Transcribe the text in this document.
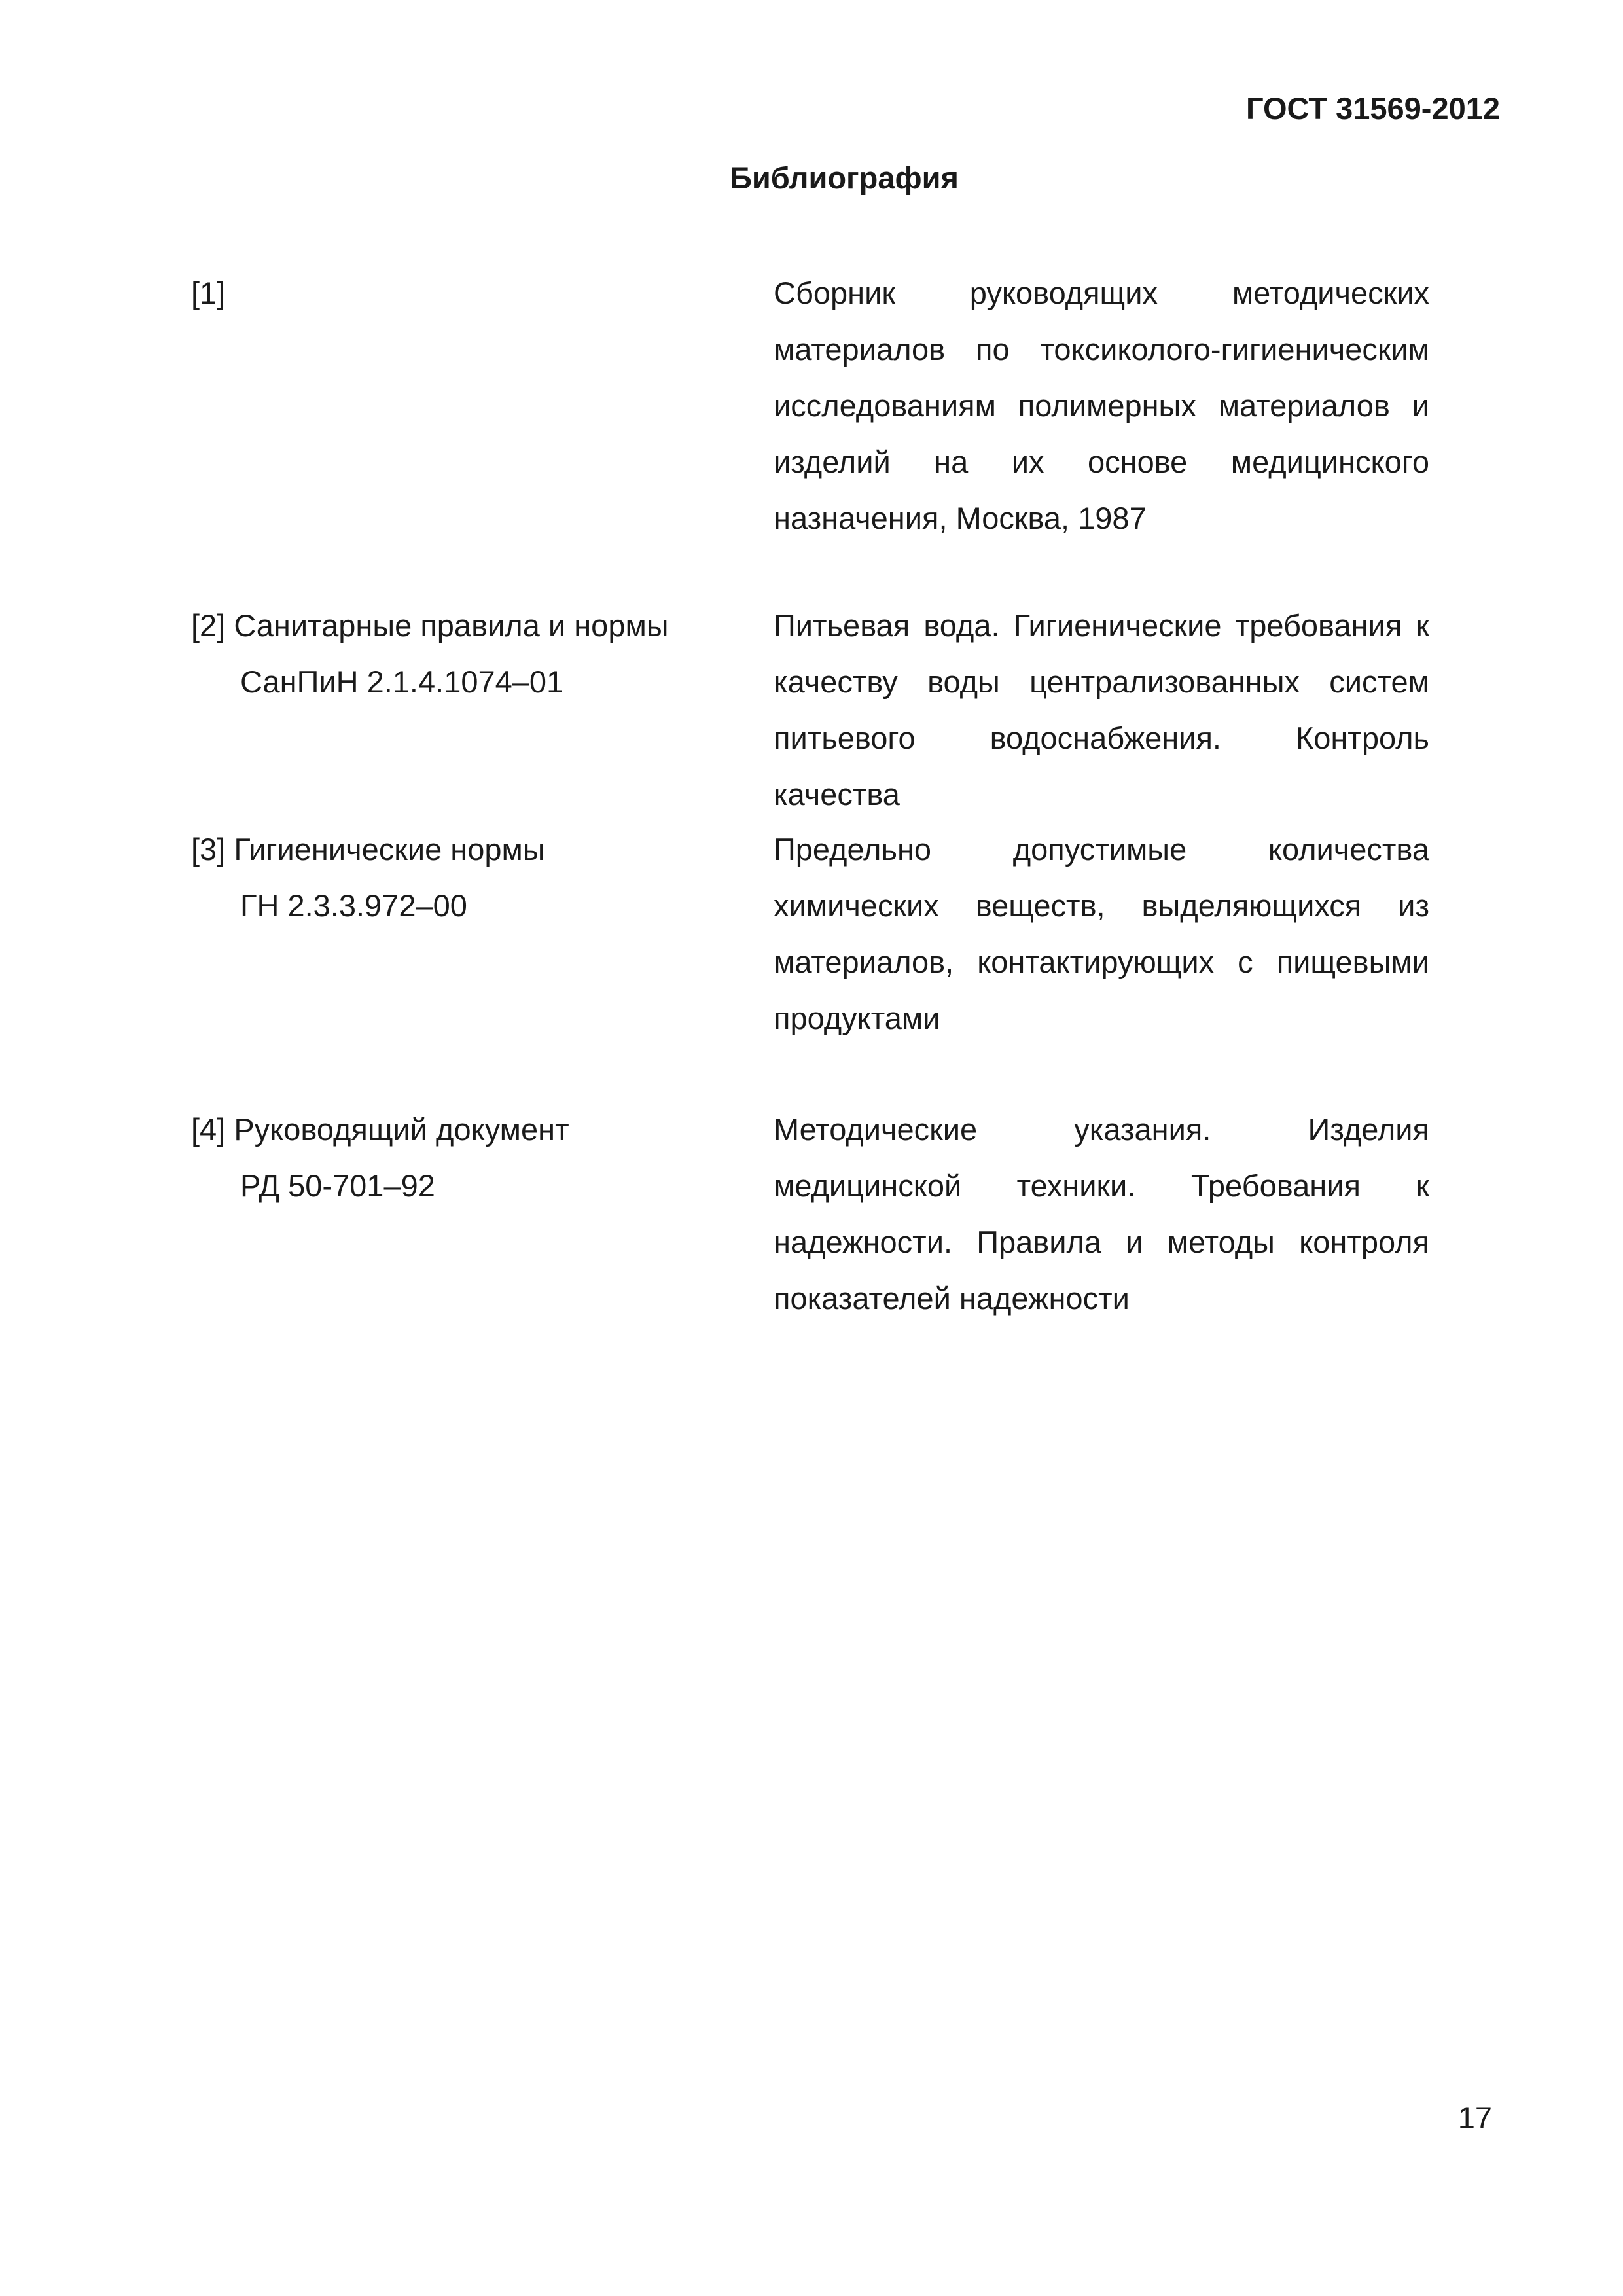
ГОСТ 31569-2012
Библиография
[1]	Сборник руководящих методических материалов по токсиколого-гигиеническим исследованиям полимерных материалов и изделий на их основе медицинского назначения, Москва, 1987
[2] Санитарные правила и нормы
СанПиН 2.1.4.1074–01
Питьевая вода. Гигиенические требования к качеству воды централизованных систем питьевого водоснабжения. Контроль качества
[3] Гигиенические нормы
ГН 2.3.3.972–00
Предельно допустимые количества химических веществ, выделяющихся из материалов, контактирующих с пищевыми продуктами
[4] Руководящий документ
РД 50-701–92
Методические указания. Изделия медицинской техники. Требования к надежности. Правила и методы контроля показателей надежности
17
